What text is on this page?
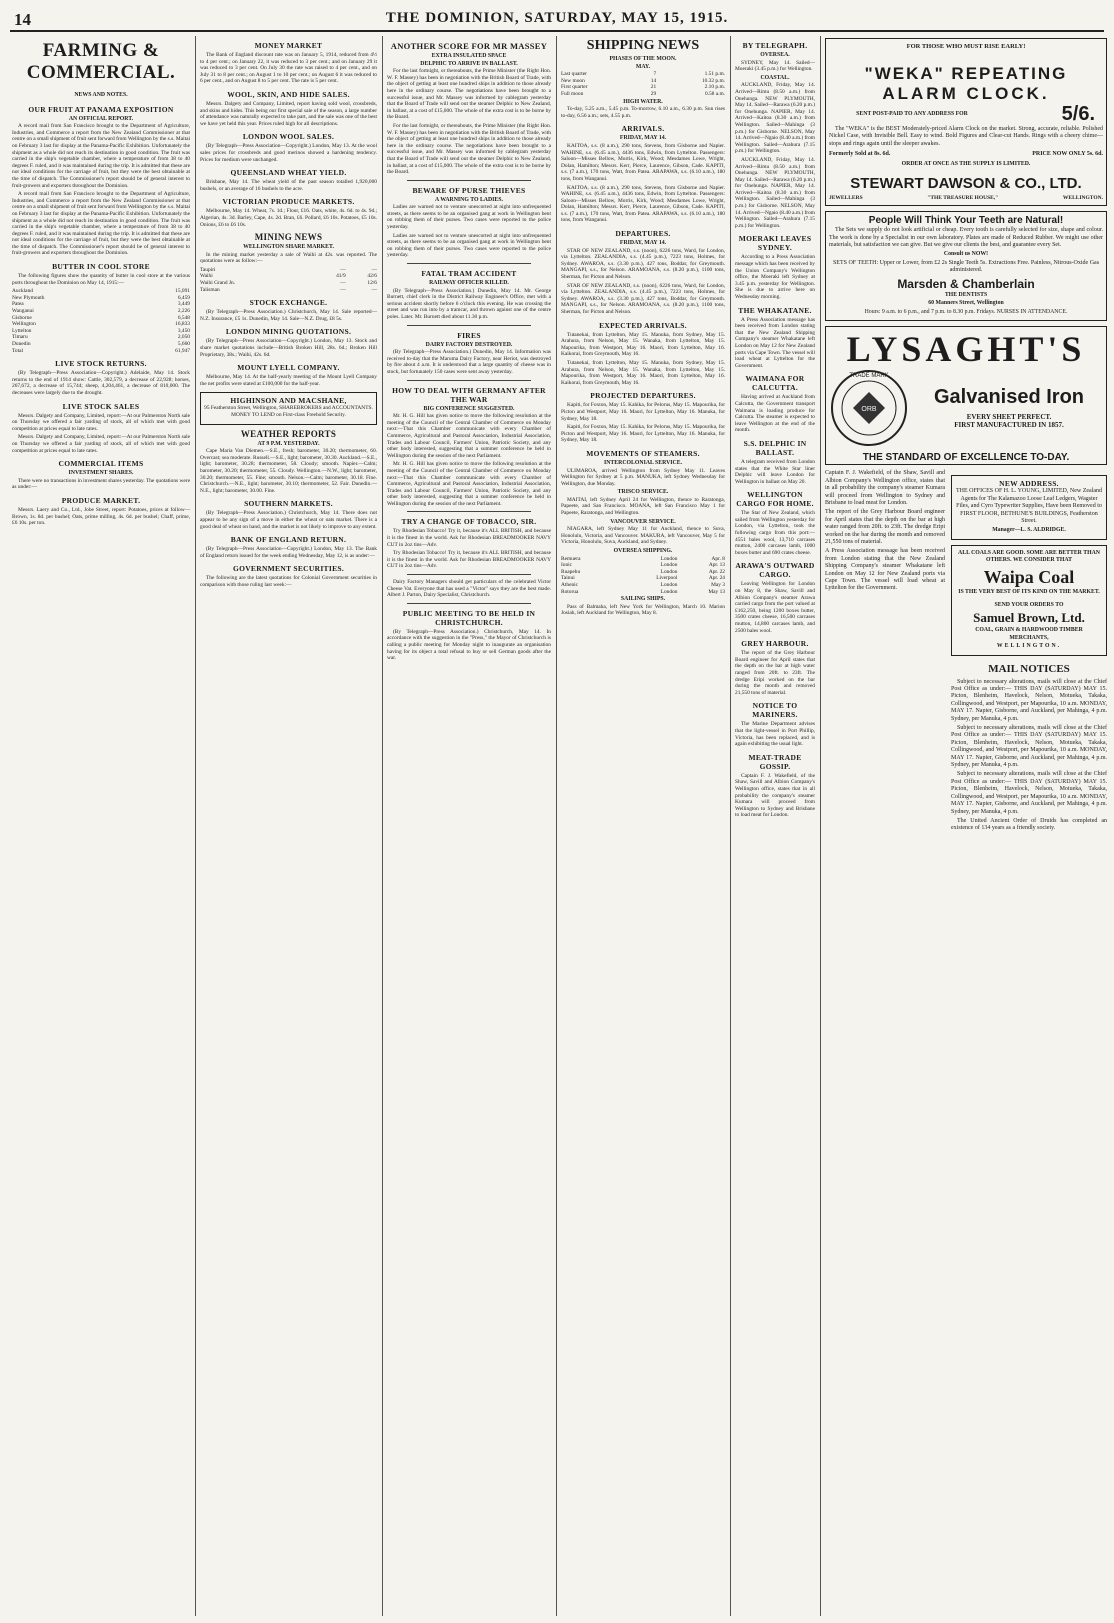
14	THE DOMINION, SATURDAY, MAY 15, 1915.
FARMING & COMMERCIAL.
NEWS AND NOTES.
OUR FRUIT AT PANAMA EXPOSITION
AN OFFICIAL REPORT.

A record mail from San Francisco brought to the Department of Agriculture, Industries, and Commerce a report from the New Zealand Commissioner at that centre on a small shipment of fruit sent forward from Wellington by the s.s. Maitai on February 3 last for display at the Panama-Pacific Exhibition. Unfortunately the shipment as a whole did not reach its destination in good condition. The fruit was carried in the ship's vegetable chamber, where a temperature of from 38 to 40 degrees F. ruled, and it was maintained during the trip. It is admitted that these are not ideal conditions for the carriage of fruit, but they were the best obtainable at the time of dispatch. The Commissioner's report should be of general interest to fruit-growers and exporters throughout the Dominion.

A record mail from San Francisco brought to the Department of Agriculture, Industries, and Commerce a report from the New Zealand Commissioner at that centre on a small shipment of fruit sent forward from Wellington by the s.s. Maitai on February 3 last for display at the Panama-Pacific Exhibition. Unfortunately the shipment as a whole did not reach its destination in good condition. The fruit was carried in the ship's vegetable chamber, where a temperature of from 38 to 40 degrees F. ruled, and it was maintained during the trip. It is admitted that these are not ideal conditions for the carriage of fruit, but they were the best obtainable at the time of dispatch. The Commissioner's report should be of general interest to fruit-growers and exporters throughout the Dominion.

BUTTER IN COOL STORE

The following figures show the quantity of butter in cool store at the various ports throughout the Dominion on May 14, 1915:—

Auckland	15,091
New Plymouth	6,459
Patea	3,449
Wanganui	2,226
Gisborne	6,548
Wellington	16,833
Lyttelton	3,450
Timaru	2,050
Dunedin	5,660
Total	61,947
LIVE STOCK RETURNS.

(By Telegraph—Press Association—Copyright.) Adelaide, May 14. Stock returns to the end of 1914 show: Cattle, 302,579, a decrease of 22,928; horses, 267,672, a decrease of 15,744; sheep, 4,204,461, a decrease of 810,000. The decreases were largely due to the drought.

LIVE STOCK SALES

Messrs. Dalgety and Company, Limited, report:—At our Palmerston North sale on Thursday we offered a fair yarding of stock, all of which met with good competition at prices equal to late rates.

Messrs. Dalgety and Company, Limited, report:—At our Palmerston North sale on Thursday we offered a fair yarding of stock, all of which met with good competition at prices equal to late rates.

COMMERCIAL ITEMS
INVESTMENT SHARES.

There were no transactions in investment shares yesterday. The quotations were as under:—

PRODUCE MARKET.

Messrs. Laery and Co., Ltd., Jobe Street, report: Potatoes, prices at follow—Brown, 1s. 8d. per bushel; Oats, prime milling, 4s. 6d. per bushel; Chaff, prime, £6 10s. per ton.

MONEY MARKET

The Bank of England discount rate was on January 5, 1914, reduced from 4½ to 4 per cent.; on January 22, it was reduced to 3 per cent.; and on January 29 it was reduced to 3 per cent. On July 30 the rate was raised to 4 per cent., and on July 31 to 8 per cent.; on August 1 to 10 per cent.; on August 6 it was reduced to 6 per cent., and on August 8 to 5 per cent. The rate is 5 per cent.

WOOL, SKIN, AND HIDE SALES.

Messrs. Dalgety and Company, Limited, report having sold wool, crossbreds, and skins and hides. This being our first special sale of the season, a large number of attendance was naturally expected to take part, and the sale was one of the best we have yet held this year. Prices ruled high for all descriptions.

LONDON WOOL SALES.

(By Telegraph—Press Association—Copyright.) London, May 13. At the wool sales prices for crossbreds and good merinos showed a hardening tendency. Prices for medium were unchanged.

QUEENSLAND WHEAT YIELD.

Brisbane, May 14. The wheat yield of the past season totalled 1,920,000 bushels, or an average of 16 bushels to the acre.

VICTORIAN PRODUCE MARKETS.

Melbourne, May 14. Wheat, 7s. 1d.; Flour, £16. Oats, white, 4s. 6d. to 4s. 9d.; Algerian, 4s. 3d. Barley, Cape, 4s. 2d. Bran, £6. Pollard, £6 10s. Potatoes, £5 10s. Onions, £6 to £6 10s.

MINING NEWS
WELLINGTON SHARE MARKET.

In the mining market yesterday a sale of Waihi at 42s. was reported. The quotations were as follow:—

Taupiri	—	—
Waihi	41/9	42/6
Waihi Grand Jn.	—	12/6
Talisman	—	—
STOCK EXCHANGE.

(By Telegraph—Press Association.) Christchurch, May 14. Sale reported—N.Z. Insurance, £5 1s. Dunedin, May 14. Sale—N.Z. Drug, £8 5s.

LONDON MINING QUOTATIONS.

(By Telegraph—Press Association—Copyright.) London, May 13. Stock and share market quotations include—British Broken Hill, 28s. 6d.; Broken Hill Proprietary, 38s.; Waihi, 42s. 6d.

MOUNT LYELL COMPANY.

Melbourne, May 14. At the half-yearly meeting of the Mount Lyell Company the net profits were stated at £100,000 for the half-year.

HIGHINSON AND MACSHANE,

95 Featherston Street, Wellington, SHAREBROKERS and ACCOUNTANTS. MONEY TO LEND on First-class Freehold Security.

WEATHER REPORTS
AT 9 P.M. YESTERDAY.

Cape Maria Van Diemen.—S.E., fresh; barometer, 30.20; thermometer, 60. Overcast; sea moderate. Russell.—S.E., light; barometer, 30.30. Auckland.—S.E., light; barometer, 30.28; thermometer, 58. Cloudy; smooth. Napier.—Calm; barometer, 30.20; thermometer, 55. Cloudy. Wellington.—N.W., light; barometer, 30.20; thermometer, 55. Fine; smooth. Nelson.—Calm; barometer, 30.18. Fine. Christchurch.—N.E., light; barometer, 30.10; thermometer, 52. Fair. Dunedin.—N.E., light; barometer, 30.00. Fine.

SOUTHERN MARKETS.

(By Telegraph—Press Association.) Christchurch, May 14. There does not appear to be any sign of a move in either the wheat or oats market. There is a good deal of wheat on hand, and the market is not likely to improve to any extent.

BANK OF ENGLAND RETURN.

(By Telegraph—Press Association—Copyright.) London, May 13. The Bank of England return issued for the week ending Wednesday, May 12, is as under:—

GOVERNMENT SECURITIES.

The following are the latest quotations for Colonial Government securities in comparison with those ruling last week:—

ANOTHER SCORE FOR MR MASSEY
EXTRA INSULATED SPACE
DELPHIC TO ARRIVE IN BALLAST.

For the last fortnight, or thereabouts, the Prime Minister (the Right Hon. W. F. Massey) has been in negotiation with the British Board of Trade, with the object of getting at least one hundred ships in addition to those already here in the ordinary course. The negotiations have been brought to a successful issue, and Mr. Massey was informed by cablegram yesterday that the Board of Trade will send out the steamer Delphic to New Zealand, in ballast, at a cost of £15,000. The whole of the extra cost is to be borne by the Board.

For the last fortnight, or thereabouts, the Prime Minister (the Right Hon. W. F. Massey) has been in negotiation with the British Board of Trade, with the object of getting at least one hundred ships in addition to those already here in the ordinary course. The negotiations have been brought to a successful issue, and Mr. Massey was informed by cablegram yesterday that the Board of Trade will send out the steamer Delphic to New Zealand, in ballast, at a cost of £15,000. The whole of the extra cost is to be borne by the Board.

BEWARE OF PURSE THIEVES
A WARNING TO LADIES.

Ladies are warned not to venture unescorted at night into unfrequented streets, as there seems to be an organised gang at work in Wellington bent on robbing them of their purses. Two cases were reported to the police yesterday.

Ladies are warned not to venture unescorted at night into unfrequented streets, as there seems to be an organised gang at work in Wellington bent on robbing them of their purses. Two cases were reported to the police yesterday.

FATAL TRAM ACCIDENT
RAILWAY OFFICER KILLED.

(By Telegraph—Press Association.) Dunedin, May 14. Mr. George Burnett, chief clerk in the District Railway Engineer's Office, met with a serious accident shortly before 6 o'clock this evening. He was crossing the street and was run into by a tramcar, and thrown against one of the centre poles. Later. Mr. Burnett died about 11.30 p.m.

FIRES
DAIRY FACTORY DESTROYED.

(By Telegraph—Press Association.) Dunedin, May 14. Information was received to-day that the Maruma Dairy Factory, near Heriot, was destroyed by fire about 4 a.m. It is understood that a large quantity of cheese was in stock, but fortunately 150 cases were sent away yesterday.

HOW TO DEAL WITH GERMANY AFTER THE WAR
BIG CONFERENCE SUGGESTED.

Mr. H. G. Hill has given notice to move the following resolution at the meeting of the Council of the Central Chamber of Commerce on Monday next:—That this Chamber communicate with every Chamber of Commerce, Agricultural and Pastoral Association, Industrial Association, Trades and Labour Council, Farmers' Union, Patriotic Society, and any other body interested, suggesting that a summer conference be held in Wellington during the session of the next Parliament.

Mr. H. G. Hill has given notice to move the following resolution at the meeting of the Council of the Central Chamber of Commerce on Monday next:—That this Chamber communicate with every Chamber of Commerce, Agricultural and Pastoral Association, Industrial Association, Trades and Labour Council, Farmers' Union, Patriotic Society, and any other body interested, suggesting that a summer conference be held in Wellington during the session of the next Parliament.

TRY A CHANGE OF TOBACCO, SIR.

Try Rhodesian Tobacco! Try it, because it's ALL BRITISH, and because it is the finest in the world. Ask for Rhodesian BREADMOOKER NAVY CUT in 2oz tins—Adv.

Try Rhodesian Tobacco! Try it, because it's ALL BRITISH, and because it is the finest in the world. Ask for Rhodesian BREADMOOKER NAVY CUT in 2oz tins—Adv.

Dairy Factory Managers should get particulars of the celebrated Victor Cheese Vat. Everyone that has used a "Victor" says they are the best made. Albert J. Parton, Dairy Specialist, Christchurch.

PUBLIC MEETING TO BE HELD IN CHRISTCHURCH.

(By Telegraph—Press Association.) Christchurch, May 14. In accordance with the suggestion in the "Press," the Mayor of Christchurch is calling a public meeting for Monday night to inaugurate an organisation having for its object a total refusal to buy or sell German goods after the war.

SHIPPING NEWS
PHASES OF THE MOON.
MAY.
Last quarter	7	1.51 p.m.
New moon	14	10.32 p.m.
First quarter	21	2.10 p.m.
Full moon	29	0.58 a.m.
HIGH WATER.

To-day, 5.25 a.m., 5.45 p.m. To-morrow, 6.10 a.m., 6.30 p.m. Sun rises to-day, 6.56 a.m.; sets, 4.55 p.m.

ARRIVALS.
FRIDAY, MAY 14.

KAITOA, s.s. (8 a.m.), 290 tons, Stevens, from Gisborne and Napier. WAHINE, s.s. (6.45 a.m.), 4436 tons, Edwin, from Lyttelton. Passengers: Saloon—Misses Bellow, Morris, Kirk, Wood; Mesdames Lowe, Wright, Dolan, Hamilton; Messrs. Kerr, Pierce, Laurence, Gibson, Cade. KAPITI, s.s. (7 a.m.), 170 tons, Watt, from Patea. ARAPAWA, s.s. (6.10 a.m.), 180 tons, from Wanganui.

KAITOA, s.s. (8 a.m.), 290 tons, Stevens, from Gisborne and Napier. WAHINE, s.s. (6.45 a.m.), 4436 tons, Edwin, from Lyttelton. Passengers: Saloon—Misses Bellow, Morris, Kirk, Wood; Mesdames Lowe, Wright, Dolan, Hamilton; Messrs. Kerr, Pierce, Laurence, Gibson, Cade. KAPITI, s.s. (7 a.m.), 170 tons, Watt, from Patea. ARAPAWA, s.s. (6.10 a.m.), 180 tons, from Wanganui.

DEPARTURES.
FRIDAY, MAY 14.

STAR OF NEW ZEALAND, s.s. (noon), 6226 tons, Ward, for London, via Lyttelton. ZEALANDIA, s.s. (4.45 p.m.), 7223 tons, Holmes, for Sydney. AWAROA, s.s. (3.30 p.m.), 427 tons, Boddar, for Greymouth. MANGAPI, s.s., for Nelson. ARAMOANA, s.s. (8.20 p.m.), 1100 tons, Sherman, for Picton and Nelson.

STAR OF NEW ZEALAND, s.s. (noon), 6226 tons, Ward, for London, via Lyttelton. ZEALANDIA, s.s. (4.45 p.m.), 7223 tons, Holmes, for Sydney. AWAROA, s.s. (3.30 p.m.), 427 tons, Boddar, for Greymouth. MANGAPI, s.s., for Nelson. ARAMOANA, s.s. (8.20 p.m.), 1100 tons, Sherman, for Picton and Nelson.

EXPECTED ARRIVALS.

Tutanekai, from Lyttelton, May 15. Manuka, from Sydney, May 15. Arahura, from Nelson, May 15. Wanaka, from Lyttelton, May 15. Mapourika, from Westport, May 16. Maori, from Lyttelton, May 16. Kaikorai, from Greymouth, May 16.

Tutanekai, from Lyttelton, May 15. Manuka, from Sydney, May 15. Arahura, from Nelson, May 15. Wanaka, from Lyttelton, May 15. Mapourika, from Westport, May 16. Maori, from Lyttelton, May 16. Kaikorai, from Greymouth, May 16.

PROJECTED DEPARTURES.

Kapiti, for Foxton, May 15. Kahika, for Pelorus, May 15. Mapourika, for Picton and Westport, May 16. Maori, for Lyttelton, May 16. Manuka, for Sydney, May 18.

Kapiti, for Foxton, May 15. Kahika, for Pelorus, May 15. Mapourika, for Picton and Westport, May 16. Maori, for Lyttelton, May 16. Manuka, for Sydney, May 18.

MOVEMENTS OF STEAMERS.
INTERCOLONIAL SERVICE.

ULIMAROA, arrived Wellington from Sydney May 11. Leaves Wellington for Sydney at 5 p.m. MANUKA, left Sydney Wednesday for Wellington, due Monday.

TRISCO SERVICE.

MAITAI, left Sydney April 24 for Wellington, thence to Raratonga, Papeete, and San Francisco. MOANA, left San Francisco May 1 for Papeete, Raratonga, and Wellington.

VANCOUVER SERVICE.

NIAGARA, left Sydney May 11 for Auckland, thence to Suva, Honolulu, Victoria, and Vancouver. MAKURA, left Vancouver, May 5 for Victoria, Honolulu, Suva, Auckland, and Sydney.

OVERSEA SHIPPING.
Remuera	London	Apr. 8
Ionic	London	Apr. 13
Ruapehu	London	Apr. 22
Tainui	Liverpool	Apr. 24
Athenic	London	May 3
Rotorua	London	May 13
SAILING SHIPS.

Pass of Balmaha, left New York for Wellington, March 10. Marion Josiah, left Auckland for Wellington, May 8.

BY TELEGRAPH.
OVERSEA.

SYDNEY, May 14. Sailed—Moeraki (3.45 p.m.) for Wellington.

COASTAL.

AUCKLAND, Friday, May 14. Arrived—Rimu (8.50 a.m.) from Onehunga. NEW PLYMOUTH, May 14. Sailed—Rarawa (6.20 p.m.) for Onehunga. NAPIER, May 14. Arrived—Kaitoa (8.30 a.m.) from Wellington. Sailed—Mahinga (3 p.m.) for Gisborne. NELSON, May 14. Arrived—Ngaio (8.40 a.m.) from Wellington. Sailed—Arahura (7.15 p.m.) for Wellington.

AUCKLAND, Friday, May 14. Arrived—Rimu (8.50 a.m.) from Onehunga. NEW PLYMOUTH, May 14. Sailed—Rarawa (6.20 p.m.) for Onehunga. NAPIER, May 14. Arrived—Kaitoa (8.30 a.m.) from Wellington. Sailed—Mahinga (3 p.m.) for Gisborne. NELSON, May 14. Arrived—Ngaio (8.40 a.m.) from Wellington. Sailed—Arahura (7.15 p.m.) for Wellington.

MOERAKI LEAVES SYDNEY.

According to a Press Association message which has been received by the Union Company's Wellington office, the Moeraki left Sydney at 3.45 p.m. yesterday for Wellington. She is due to arrive here on Wednesday morning.

THE WHAKATANE.

A Press Association message has been received from London stating that the New Zealand Shipping Company's steamer Whakatane left London on May 12 for New Zealand ports via Cape Town. The vessel will load wheat at Lyttelton for the Government.

WAIMANA FOR CALCUTTA.

Having arrived at Auckland from Calcutta, the Government transport Waimana is loading produce for Calcutta. The steamer is expected to leave Wellington at the end of the month.

S.S. DELPHIC IN BALLAST.

A telegram received from London states that the White Star liner Delphic will leave London for Wellington in ballast on May 20.

WELLINGTON CARGO FOR HOME.

The Star of New Zealand, which sailed from Wellington yesterday for London, via Lyttelton, took the following cargo from this port:—4551 bales wool, 13,710 carcases mutton, 2400 carcases lamb, 1000 boxes butter and 690 crates cheese.

ARAWA'S OUTWARD CARGO.

Leaving Wellington for London on May 8, the Shaw, Savill and Albion Company's steamer Arawa carried cargo from the port valued at £162,250, being 1200 boxes butter, 3500 crates cheese, 16,500 carcases mutton, 14,800 carcases lamb, and 2500 bales wool.

GREY HARBOUR.

The report of the Grey Harbour Board engineer for April states that the depth on the bar at high water ranged from 20ft. to 23ft. The dredge Eripi worked on the bar during the month and removed 21,550 tons of material.

NOTICE TO MARINERS.

The Marine Department advises that the light-vessel in Port Phillip, Victoria, has been replaced, and is again exhibiting the usual light.

MEAT-TRADE GOSSIP.

Captain F. J. Wakefield, of the Shaw, Savill and Albion Company's Wellington office, states that in all probability the company's steamer Kumara will proceed from Wellington to Sydney and Brisbane to load meat for London.

FOR THOSE WHO MUST RISE EARLY!
"WEKA" REPEATING
ALARM CLOCK.
SENT POST-PAID TO ANY ADDRESS FOR	5/6.

The "WEKA" is the BEST Moderately-priced Alarm Clock on the market. Strong, accurate, reliable. Polished Nickel Case, with Invisible Bell. Easy to wind. Bold Figures and Clear-cut Hands. Rings with a cheery chime—stops and rings again until the sleeper awakes.

Formerly Sold at 8s. 6d.	PRICE NOW ONLY 5s. 6d.
ORDER AT ONCE AS THE SUPPLY IS LIMITED.
STEWART DAWSON & CO., LTD.
JEWELLERS	"THE TREASURE HOUSE,"	WELLINGTON.
People Will Think Your Teeth are Natural!

The Sets we supply do not look artificial or cheap. Every tooth is carefully selected for size, shape and colour. The work is done by a Specialist in our own laboratory. Plates are made of Reduced Rubber. We might use other materials, but satisfaction we can give. But we give our clients the best, and guarantee every Set.

Consult us NOW!

SETS OF TEETH: Upper or Lower, from £2 2s Single Teeth 5s. Extractions Free. Painless, Nitrous-Oxide Gas administered.

Marsden & Chamberlain
THE DENTISTS
60 Manners Street, Wellington
Hours: 9 a.m. to 6 p.m., and 7 p.m. to 8.30 p.m. Fridays. NURSES IN ATTENDANCE.
LYSAGHT'S
TRADE MARK
ORB
Galvanised Iron
EVERY SHEET PERFECT.
FIRST MANUFACTURED IN 1857.
THE STANDARD OF EXCELLENCE TO-DAY.

Captain F. J. Wakefield, of the Shaw, Savill and Albion Company's Wellington office, states that in all probability the company's steamer Kumara will proceed from Wellington to Sydney and Brisbane to load meat for London.

The report of the Grey Harbour Board engineer for April states that the depth on the bar at high water ranged from 20ft. to 23ft. The dredge Eripi worked on the bar during the month and removed 21,550 tons of material.

A Press Association message has been received from London stating that the New Zealand Shipping Company's steamer Whakatane left London on May 12 for New Zealand ports via Cape Town. The vessel will load wheat at Lyttelton for the Government.

NEW ADDRESS.

THE OFFICES OF H. L. YOUNG, LIMITED, New Zealand Agents for The Kalamazoo Loose Leaf Ledgers, Wagster Files, and Cyro Typewriter Supplies, Have been Removed to FIRST FLOOR, BETHUNE'S BUILDINGS, Featherston Street.

Manager—L. S. ALDRIDGE.
ALL COALS ARE GOOD. SOME ARE BETTER THAN OTHERS. WE CONSIDER THAT
Waipa Coal
IS THE VERY BEST OF ITS KIND ON THE MARKET.
SEND YOUR ORDERS TO
Samuel Brown, Ltd.
COAL, GRAIN & HARDWOOD TIMBER MERCHANTS,
WELLINGTON.
MAIL NOTICES

Subject to necessary alterations, mails will close at the Chief Post Office as under:— THIS DAY (SATURDAY) MAY 15. Picton, Blenheim, Havelock, Nelson, Motueka, Takaka, Collingwood, and Westport, per Mapourika, 10 a.m. MONDAY, MAY 17. Napier, Gisborne, and Auckland, per Mahinga, 4 p.m. Sydney, per Manuka, 4 p.m.

Subject to necessary alterations, mails will close at the Chief Post Office as under:— THIS DAY (SATURDAY) MAY 15. Picton, Blenheim, Havelock, Nelson, Motueka, Takaka, Collingwood, and Westport, per Mapourika, 10 a.m. MONDAY, MAY 17. Napier, Gisborne, and Auckland, per Mahinga, 4 p.m. Sydney, per Manuka, 4 p.m.

Subject to necessary alterations, mails will close at the Chief Post Office as under:— THIS DAY (SATURDAY) MAY 15. Picton, Blenheim, Havelock, Nelson, Motueka, Takaka, Collingwood, and Westport, per Mapourika, 10 a.m. MONDAY, MAY 17. Napier, Gisborne, and Auckland, per Mahinga, 4 p.m. Sydney, per Manuka, 4 p.m.

The United Ancient Order of Druids has completed an existence of 134 years as a friendly society.
